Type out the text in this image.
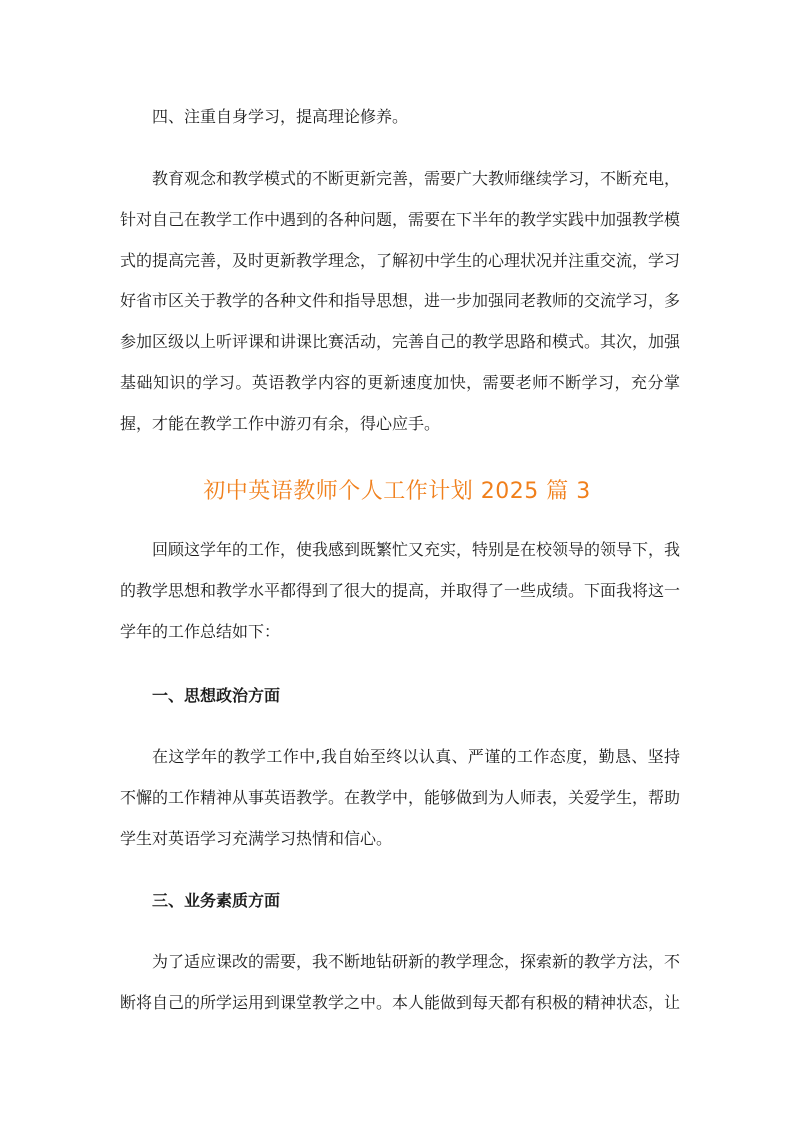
四、注重自身学习，提高理论修养。

教育观念和教学模式的不断更新完善，需要广大教师继续学习，不断充电，针对自己在教学工作中遇到的各种问题，需要在下半年的教学实践中加强教学模式的提高完善，及时更新教学理念，了解初中学生的心理状况并注重交流，学习好省市区关于教学的各种文件和指导思想，进一步加强同老教师的交流学习，多参加区级以上听评课和讲课比赛活动，完善自己的教学思路和模式。其次，加强基础知识的学习。英语教学内容的更新速度加快，需要老师不断学习，充分掌握，才能在教学工作中游刃有余，得心应手。

初中英语教师个人工作计划 2025 篇 3

回顾这学年的工作，使我感到既繁忙又充实，特别是在校领导的领导下，我的教学思想和教学水平都得到了很大的提高，并取得了一些成绩。下面我将这一学年的工作总结如下：

一、思想政治方面

在这学年的教学工作中,我自始至终以认真、严谨的工作态度，勤恳、坚持不懈的工作精神从事英语教学。在教学中，能够做到为人师表，关爱学生，帮助学生对英语学习充满学习热情和信心。

三、业务素质方面

为了适应课改的需要，我不断地钻研新的教学理念，探索新的教学方法，不断将自己的所学运用到课堂教学之中。本人能做到每天都有积极的精神状态，让
